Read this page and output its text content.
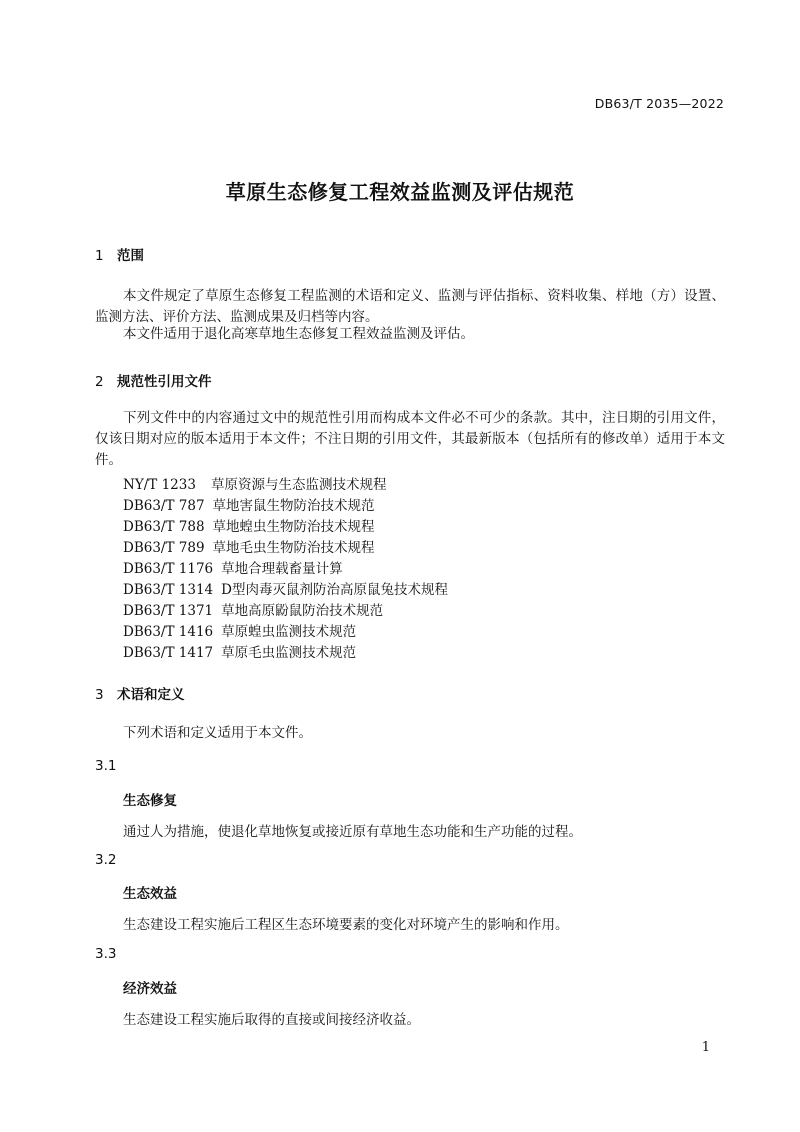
DB63/T 2035—2022
草原生态修复工程效益监测及评估规范
1 范围
本文件规定了草原生态修复工程监测的术语和定义、监测与评估指标、资料收集、样地（方）设置、监测方法、评价方法、监测成果及归档等内容。
本文件适用于退化高寒草地生态修复工程效益监测及评估。
2 规范性引用文件
下列文件中的内容通过文中的规范性引用而构成本文件必不可少的条款。其中，注日期的引用文件，仅该日期对应的版本适用于本文件；不注日期的引用文件，其最新版本（包括所有的修改单）适用于本文件。
NY/T 1233 草原资源与生态监测技术规程
DB63/T 787 草地害鼠生物防治技术规范
DB63/T 788 草地蝗虫生物防治技术规程
DB63/T 789 草地毛虫生物防治技术规程
DB63/T 1176 草地合理载畜量计算
DB63/T 1314 D型肉毒灭鼠剂防治高原鼠兔技术规程
DB63/T 1371 草地高原鼢鼠防治技术规范
DB63/T 1416 草原蝗虫监测技术规范
DB63/T 1417 草原毛虫监测技术规范
3 术语和定义
下列术语和定义适用于本文件。
3.1
生态修复
通过人为措施，使退化草地恢复或接近原有草地生态功能和生产功能的过程。
3.2
生态效益
生态建设工程实施后工程区生态环境要素的变化对环境产生的影响和作用。
3.3
经济效益
生态建设工程实施后取得的直接或间接经济收益。
1
